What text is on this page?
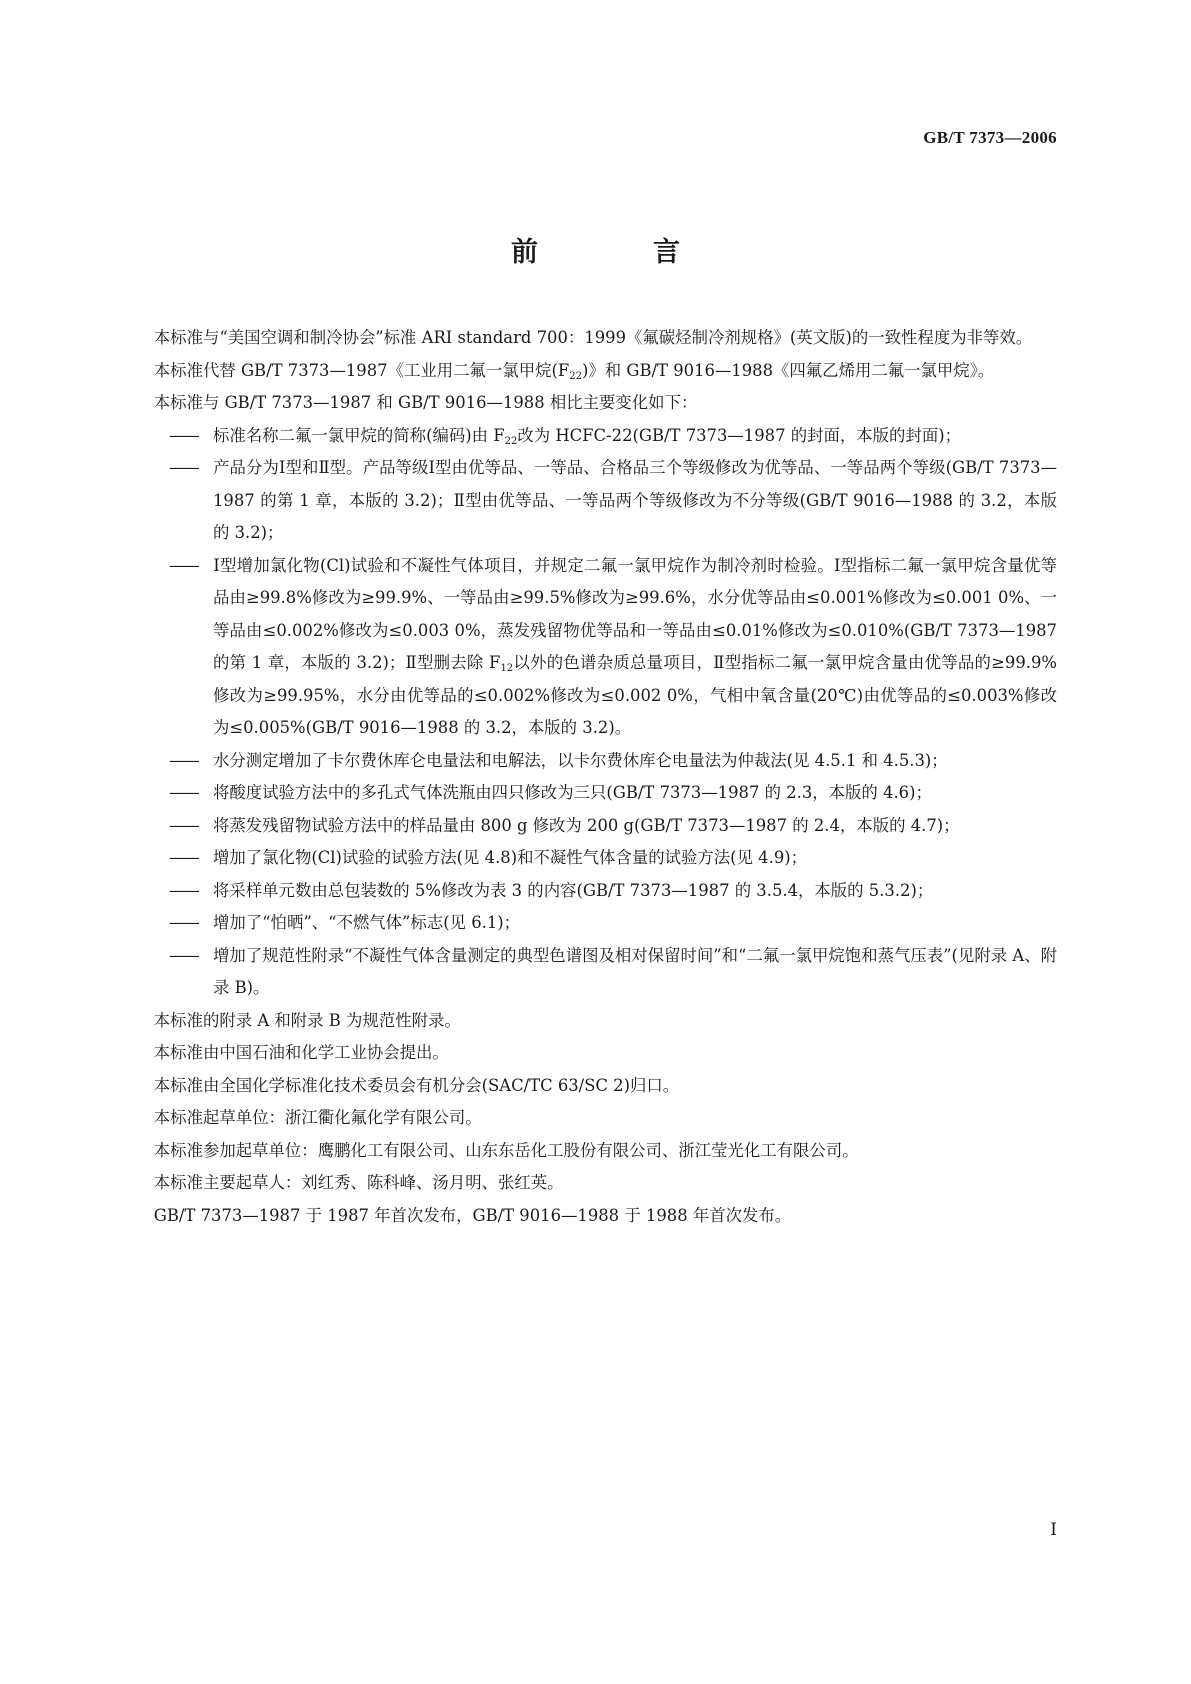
GB/T 7373—2006
前　言

本标准与“美国空调和制冷协会”标准 ARI standard 700：1999《氟碳烃制冷剂规格》(英文版)的一致性程度为非等效。

本标准代替 GB/T 7373—1987《工业用二氟一氯甲烷$(F_{22})$》和 GB/T 9016—1988《四氟乙烯用二氟一氯甲烷》。

本标准与 GB/T 7373—1987 和 GB/T 9016—1988 相比主要变化如下：

—— 标准名称二氟一氯甲烷的简称(编码)由 $F_{22}$改为 HCFC-22(GB/T 7373—1987 的封面，本版的封面)；

—— 产品分为Ⅰ型和Ⅱ型。产品等级Ⅰ型由优等品、一等品、合格品三个等级修改为优等品、一等品两个等级(GB/T 7373—1987 的第 1 章，本版的 3.2)；Ⅱ型由优等品、一等品两个等级修改为不分等级(GB/T 9016—1988 的 3.2，本版的 3.2)；

—— Ⅰ型增加氯化物(Cl)试验和不凝性气体项目，并规定二氟一氯甲烷作为制冷剂时检验。Ⅰ型指标二氟一氯甲烷含量优等品由≥99.8%修改为≥99.9%、一等品由≥99.5%修改为≥99.6%，水分优等品由≤0.001%修改为≤0.001 0%、一等品由≤0.002%修改为≤0.003 0%，蒸发残留物优等品和一等品由≤0.01%修改为≤0.010%(GB/T 7373—1987 的第 1 章，本版的 3.2)；Ⅱ型删去除 $F_{12}$以外的色谱杂质总量项目，Ⅱ型指标二氟一氯甲烷含量由优等品的≥99.9%修改为≥99.95%，水分由优等品的≤0.002%修改为≤0.002 0%，气相中氧含量(20℃)由优等品的≤0.003%修改为≤0.005%(GB/T 9016—1988 的 3.2，本版的 3.2)。

—— 水分测定增加了卡尔费休库仑电量法和电解法，以卡尔费休库仑电量法为仲裁法(见 4.5.1 和 4.5.3)；

—— 将酸度试验方法中的多孔式气体洗瓶由四只修改为三只(GB/T 7373—1987 的 2.3，本版的 4.6)；

—— 将蒸发残留物试验方法中的样品量由 800 g 修改为 200 g(GB/T 7373—1987 的 2.4，本版的 4.7)；

—— 增加了氯化物(Cl)试验的试验方法(见 4.8)和不凝性气体含量的试验方法(见 4.9)；

—— 将采样单元数由总包装数的 5%修改为表 3 的内容(GB/T 7373—1987 的 3.5.4，本版的 5.3.2)；

—— 增加了“怕晒”、“不燃气体”标志(见 6.1)；

—— 增加了规范性附录“不凝性气体含量测定的典型色谱图及相对保留时间”和“二氟一氯甲烷饱和蒸气压表”(见附录 A、附录 B)。

本标准的附录 A 和附录 B 为规范性附录。

本标准由中国石油和化学工业协会提出。

本标准由全国化学标准化技术委员会有机分会(SAC/TC 63/SC 2)归口。

本标准起草单位：浙江衢化氟化学有限公司。

本标准参加起草单位：鹰鹏化工有限公司、山东东岳化工股份有限公司、浙江莹光化工有限公司。

本标准主要起草人：刘红秀、陈科峰、汤月明、张红英。

GB/T 7373—1987 于 1987 年首次发布，GB/T 9016—1988 于 1988 年首次发布。

Ⅰ
